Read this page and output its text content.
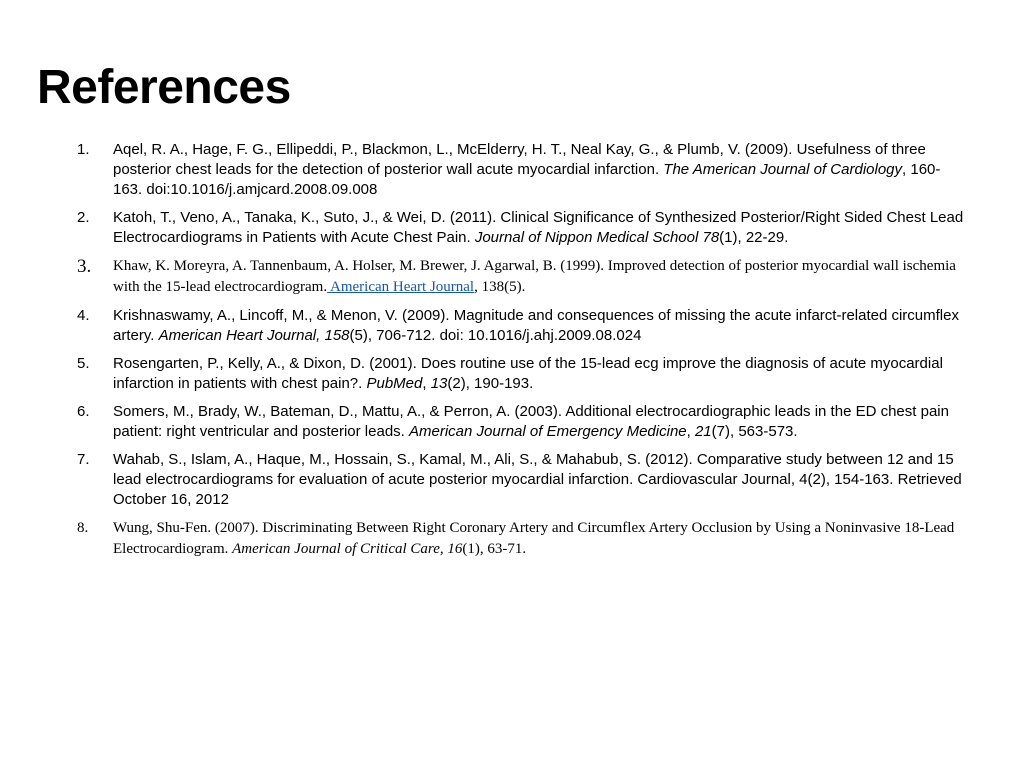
References
1. Aqel, R. A., Hage, F. G., Ellipeddi, P., Blackmon, L., McElderry, H. T., Neal Kay, G., & Plumb, V. (2009). Usefulness of three posterior chest leads for the detection of posterior wall acute myocardial infarction. The American Journal of Cardiology, 160-163. doi:10.1016/j.amjcard.2008.09.008
2. Katoh, T., Veno, A., Tanaka, K., Suto, J., & Wei, D. (2011). Clinical Significance of Synthesized Posterior/Right Sided Chest Lead Electrocardiograms in Patients with Acute Chest Pain. Journal of Nippon Medical School 78(1), 22-29.
3. Khaw, K. Moreyra, A. Tannenbaum, A. Holser, M. Brewer, J. Agarwal, B. (1999). Improved detection of posterior myocardial wall ischemia with the 15-lead electrocardiogram. American Heart Journal, 138(5).
4. Krishnaswamy, A., Lincoff, M., & Menon, V. (2009). Magnitude and consequences of missing the acute infarct-related circumflex artery. American Heart Journal, 158(5), 706-712. doi: 10.1016/j.ahj.2009.08.024
5. Rosengarten, P., Kelly, A., & Dixon, D. (2001). Does routine use of the 15-lead ecg improve the diagnosis of acute myocardial infarction in patients with chest pain?. PubMed, 13(2), 190-193.
6. Somers, M., Brady, W., Bateman, D., Mattu, A., & Perron, A. (2003). Additional electrocardiographic leads in the ED chest pain patient: right ventricular and posterior leads. American Journal of Emergency Medicine, 21(7), 563-573.
7. Wahab, S., Islam, A., Haque, M., Hossain, S., Kamal, M., Ali, S., & Mahabub, S. (2012). Comparative study between 12 and 15 lead electrocardiograms for evaluation of acute posterior myocardial infarction. Cardiovascular Journal, 4(2), 154-163. Retrieved October 16, 2012
8. Wung, Shu-Fen. (2007). Discriminating Between Right Coronary Artery and Circumflex Artery Occlusion by Using a Noninvasive 18-Lead Electrocardiogram. American Journal of Critical Care, 16(1), 63-71.
